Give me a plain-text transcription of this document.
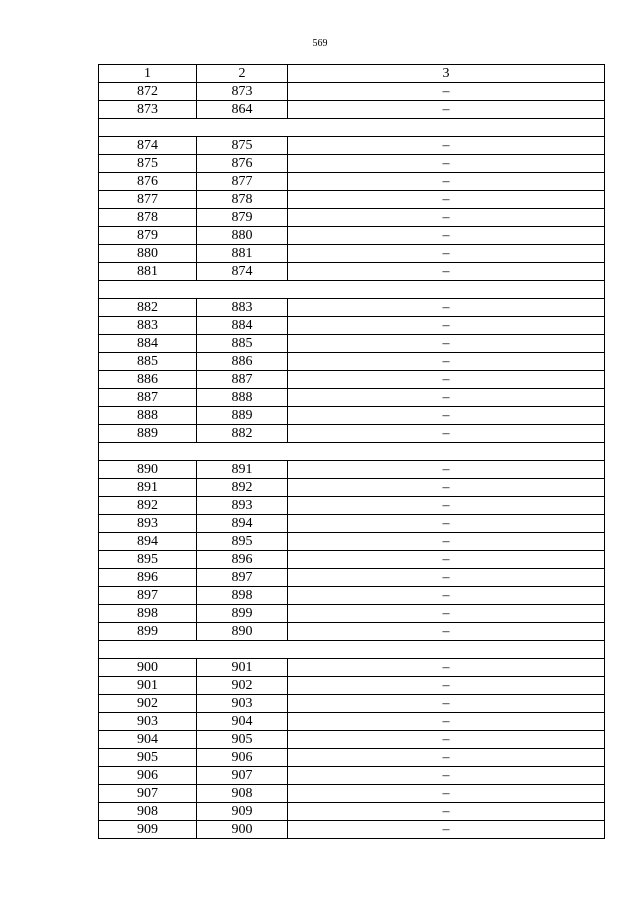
569
1	2	3
872	873	–
873	864	–

874	875	–
875	876	–
876	877	–
877	878	–
878	879	–
879	880	–
880	881	–
881	874	–

882	883	–
883	884	–
884	885	–
885	886	–
886	887	–
887	888	–
888	889	–
889	882	–

890	891	–
891	892	–
892	893	–
893	894	–
894	895	–
895	896	–
896	897	–
897	898	–
898	899	–
899	890	–

900	901	–
901	902	–
902	903	–
903	904	–
904	905	–
905	906	–
906	907	–
907	908	–
908	909	–
909	900	–
